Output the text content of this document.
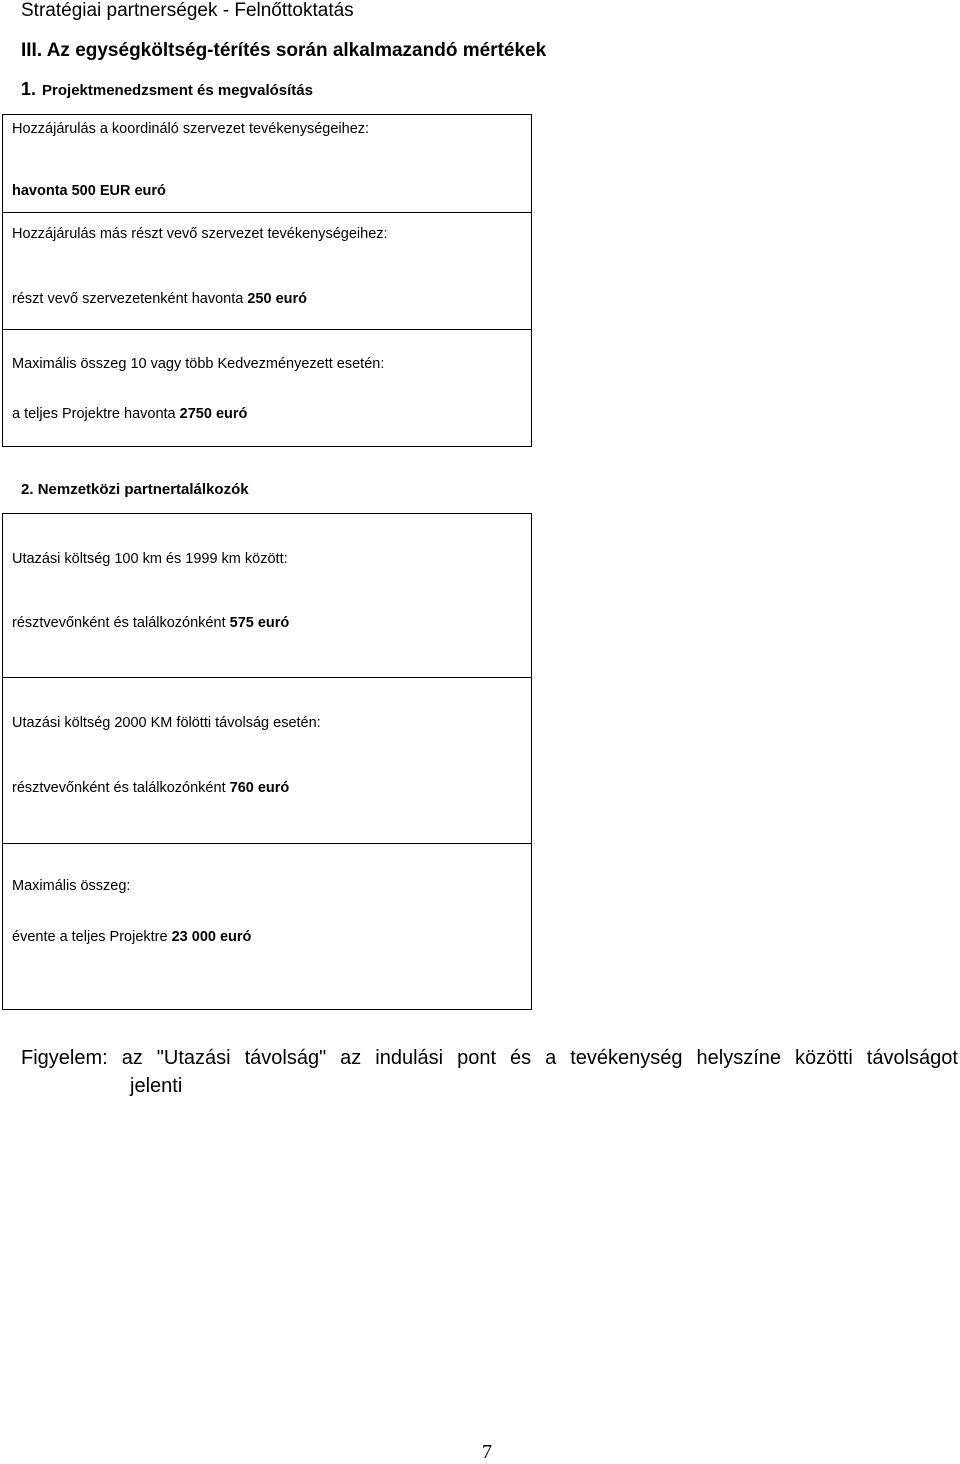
Stratégiai partnerségek - Felnőttoktatás
III. Az egységköltség-térítés során alkalmazandó mértékek
1. Projektmenedzsment és megvalósítás
Hozzájárulás a koordináló szervezet tevékenységeihez:
havonta 500 EUR euró
Hozzájárulás más részt vevő szervezet tevékenységeihez:
részt vevő szervezetenként havonta 250 euró
Maximális összeg 10 vagy több Kedvezményezett esetén:
a teljes Projektre havonta 2750 euró
2. Nemzetközi partnertalálkozók
Utazási költség 100 km és 1999 km között:
résztvevőnként és találkozónként 575 euró
Utazási költség 2000 KM fölötti távolság esetén:
résztvevőnként és találkozónként 760 euró
Maximális összeg:
évente a teljes Projektre 23 000 euró
Figyelem: az "Utazási távolság" az indulási pont és a tevékenység helyszíne közötti távolságot
jelenti
7
